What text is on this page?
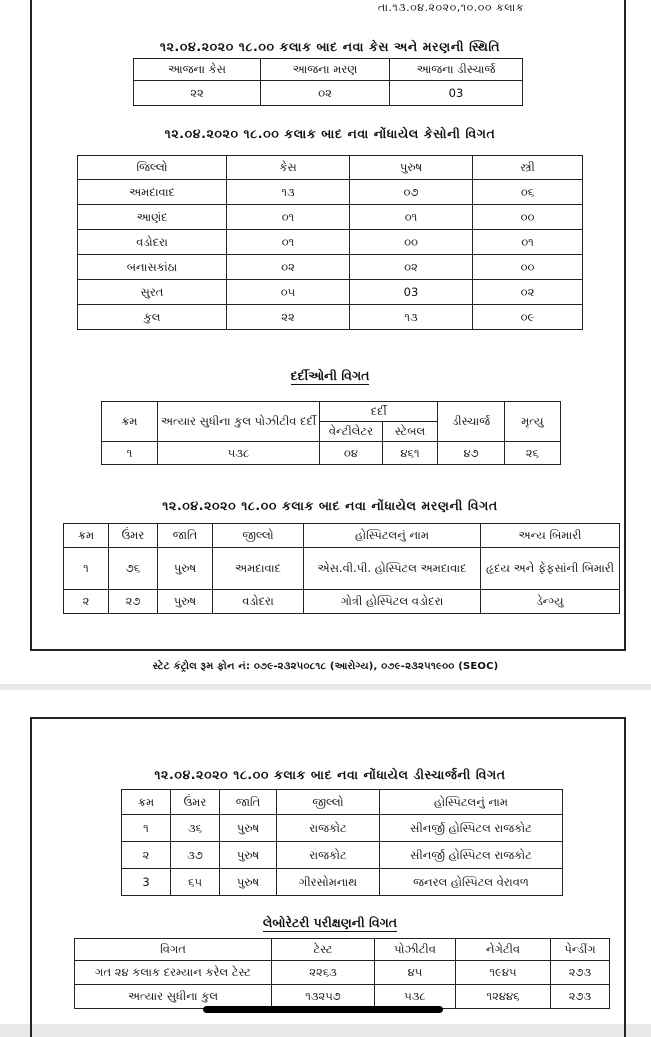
તા.૧૩.૦૪.૨૦૨૦,૧૦.૦૦ કલાક
૧૨.૦૪.૨૦૨૦ ૧૮.૦૦ કલાક બાદ નવા કેસ અને મરણની સ્થિતિ
આજના કેસ	આજના મરણ	આજના ડીસ્ચાર્જ
૨૨	૦૨	03
૧૨.૦૪.૨૦૨૦ ૧૮.૦૦ કલાક બાદ નવા નોંધાયેલ કેસોની વિગત
જિલ્લો	કેસ	પુરુષ	સ્ત્રી
અમદાવાદ	૧૩	૦૭	૦૬
આણંદ	૦૧	૦૧	૦૦
વડોદરા	૦૧	૦૦	૦૧
બનાસકાંઠા	૦૨	૦૨	૦૦
સુરત	૦૫	03	૦૨
કુલ	૨૨	૧૩	૦૯
દર્દીઓની વિગત
ક્રમ	અત્યાર સુધીના કુલ પોઝીટીવ દર્દી	દર્દી		ડીસ્ચાર્જ	મૃત્યુ
		વેન્ટીલેટર	સ્ટેબલ		
૧	૫૩૮	૦૪	૪૬૧	૪૭	૨૬
૧૨.૦૪.૨૦૨૦ ૧૮.૦૦ કલાક બાદ નવા નોંધાયેલ મરણની વિગત
ક્રમ	ઉંમર	જાતિ	જીલ્લો	હોસ્પિટલનું નામ	અન્ય બિમારી
૧	૭૬	પુરુષ	અમદાવાદ	એસ.વી.પી. હોસ્પિટલ અમદાવાદ	હૃદય અને ફેફસાંની બિમારી
૨	૨૭	પુરુષ	વડોદરા	ગોત્રી હોસ્પિટલ વડોદરા	ડેન્ગ્યુ
સ્ટેટ કંટ્રોલ રૂમ ફોન નં: ૦૭૯-૨૩૨૫૦૮૧૮ (આરોગ્ય), ૦૭૯-૨૩૨૫૧૯૦૦ (SEOC)
૧૨.૦૪.૨૦૨૦ ૧૮.૦૦ કલાક બાદ નવા નોંધાયેલ ડીસ્ચાર્જની વિગત
ક્રમ	ઉંમર	જાતિ	જીલ્લો	હોસ્પિટલનું નામ
૧	૩૬	પુરુષ	રાજકોટ	સીનર્જી હોસ્પિટલ રાજકોટ
૨	૩૭	પુરુષ	રાજકોટ	સીનર્જી હોસ્પિટલ રાજકોટ
3	૬૫	પુરુષ	ગીરસોમનાથ	જનરલ હોસ્પિટલ વેરાવળ
લેબોરેટરી પરીક્ષણની વિગત
વિગત	ટેસ્ટ	પોઝીટીવ	નેગેટીવ	પેન્ડીંગ
ગત ૨૪ કલાક દરમ્યાન કરેલ ટેસ્ટ	૨૨૬૩	૪૫	૧૯૪૫	૨૭૩
અત્યાર સુધીના કુલ	૧૩૨૫૭	૫૩૮	૧૨૪૪૬	૨૭૩
